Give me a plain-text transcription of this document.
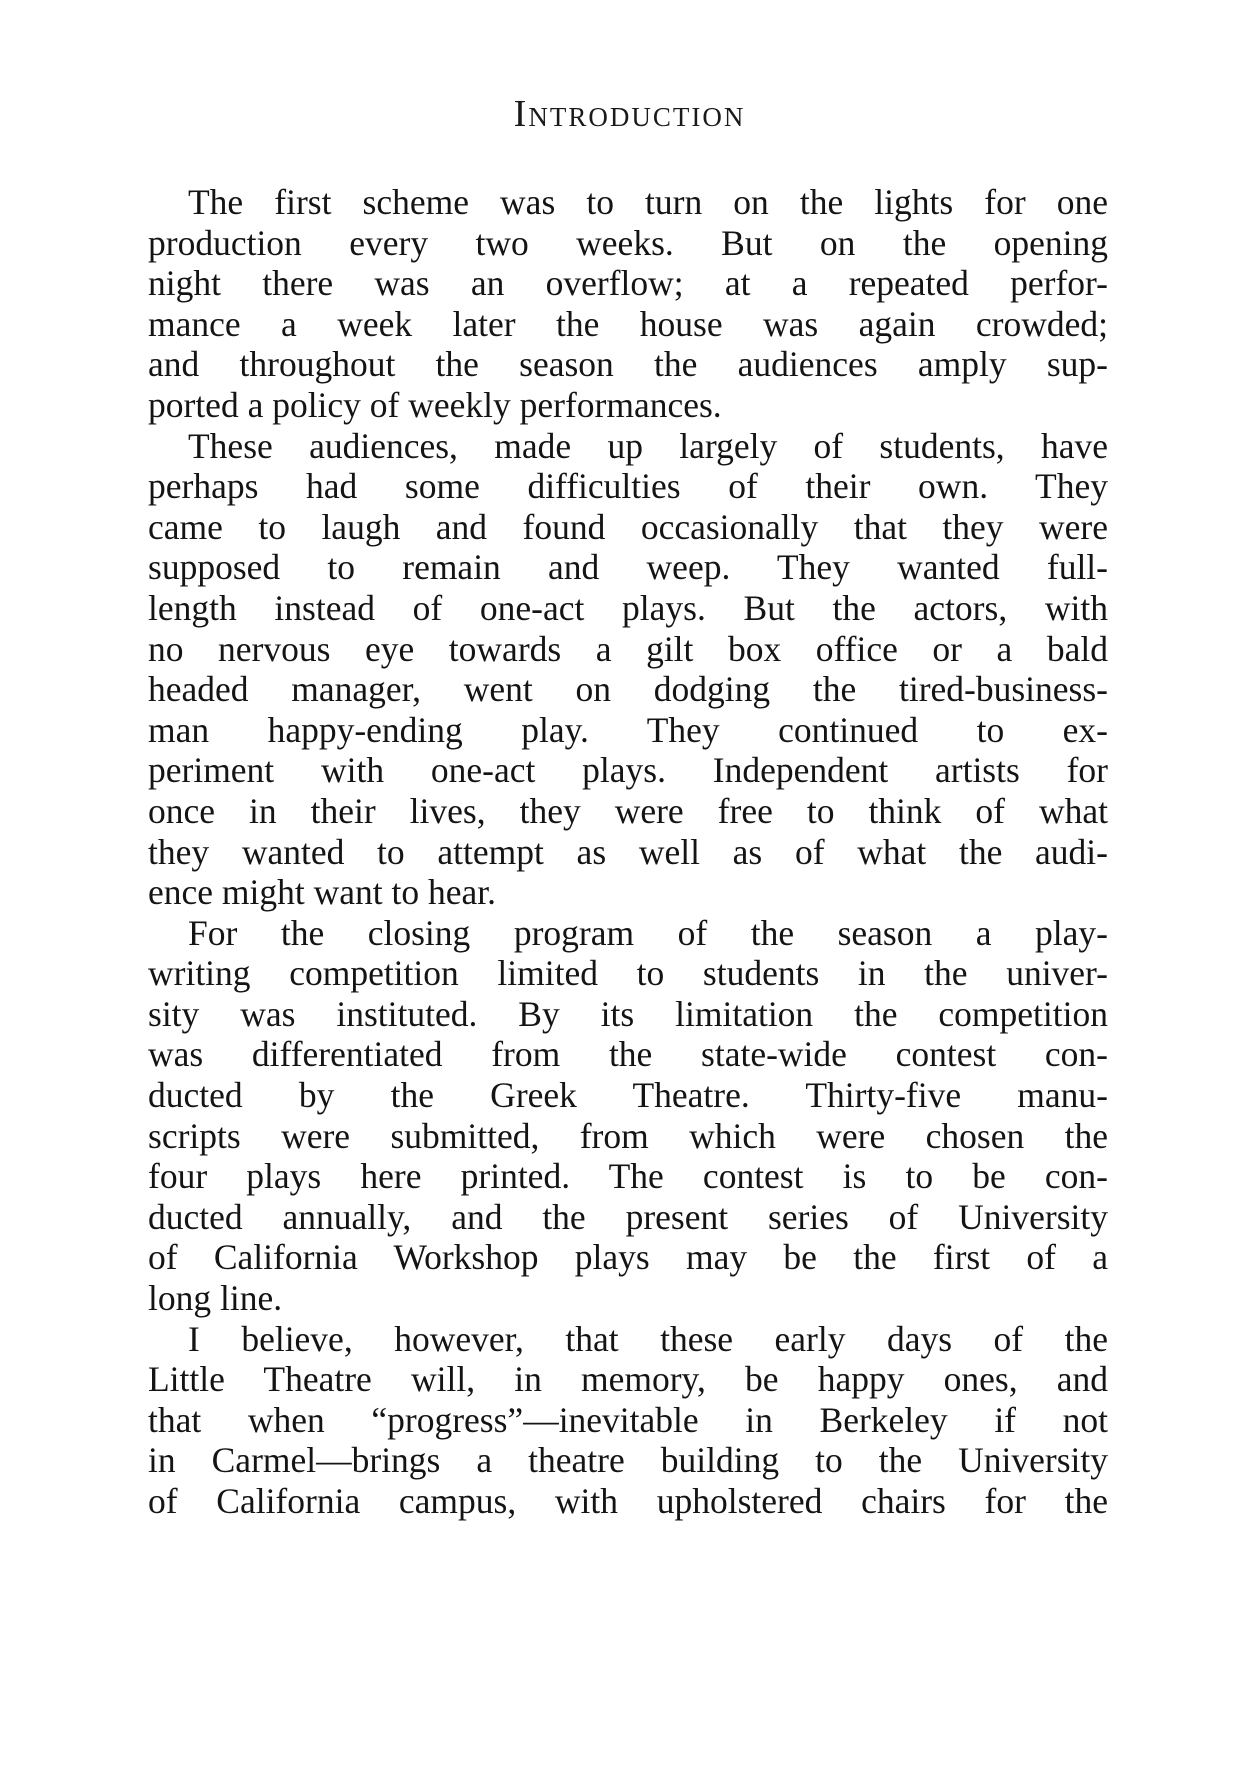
Introduction
The first scheme was to turn on the lights for one
production every two weeks. But on the opening
night there was an overflow; at a repeated perfor-
mance a week later the house was again crowded;
and throughout the season the audiences amply sup-
ported a policy of weekly performances.
These audiences, made up largely of students, have
perhaps had some difficulties of their own. They
came to laugh and found occasionally that they were
supposed to remain and weep. They wanted full-
length instead of one-act plays. But the actors, with
no nervous eye towards a gilt box office or a bald
headed manager, went on dodging the tired-business-
man happy-ending play. They continued to ex-
periment with one-act plays. Independent artists for
once in their lives, they were free to think of what
they wanted to attempt as well as of what the audi-
ence might want to hear.
For the closing program of the season a play-
writing competition limited to students in the univer-
sity was instituted. By its limitation the competition
was differentiated from the state-wide contest con-
ducted by the Greek Theatre. Thirty-five manu-
scripts were submitted, from which were chosen the
four plays here printed. The contest is to be con-
ducted annually, and the present series of University
of California Workshop plays may be the first of a
long line.
I believe, however, that these early days of the
Little Theatre will, in memory, be happy ones, and
that when “progress”—inevitable in Berkeley if not
in Carmel—brings a theatre building to the University
of California campus, with upholstered chairs for the
